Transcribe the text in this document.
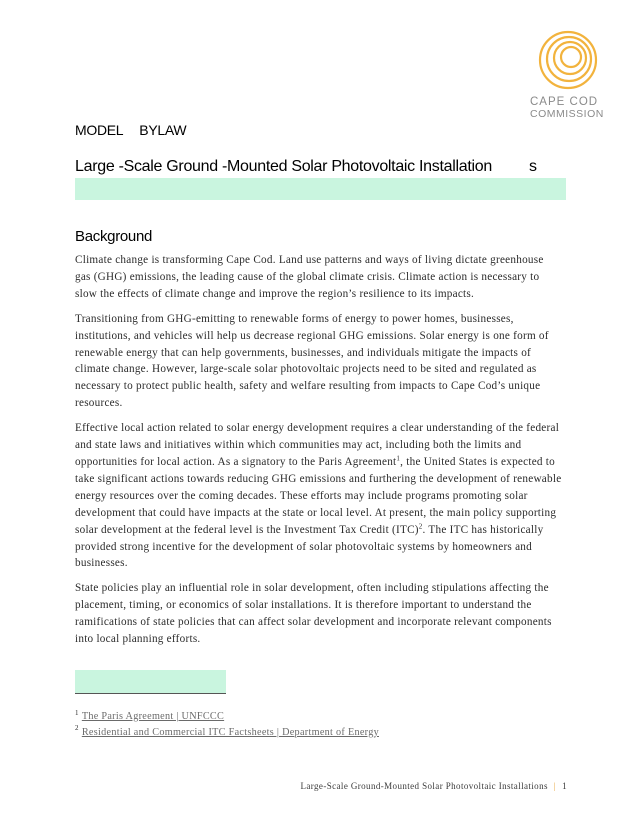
CAPE COD
COMMISSION
MODEL BYLAW
Large -Scale Ground -Mounted Solar Photovoltaic Installation s
Background

Climate change is transforming Cape Cod. Land use patterns and ways of living dictate greenhouse gas (GHG) emissions, the leading cause of the global climate crisis. Climate action is necessary to slow the effects of climate change and improve the region’s resilience to its impacts.

Transitioning from GHG-emitting to renewable forms of energy to power homes, businesses, institutions, and vehicles will help us decrease regional GHG emissions. Solar energy is one form of renewable energy that can help governments, businesses, and individuals mitigate the impacts of climate change. However, large-scale solar photovoltaic projects need to be sited and regulated as necessary to protect public health, safety and welfare resulting from impacts to Cape Cod’s unique resources.

Effective local action related to solar energy development requires a clear understanding of the federal and state laws and initiatives within which communities may act, including both the limits and opportunities for local action. As a signatory to the Paris Agreement$^1$, the United States is expected to take significant actions towards reducing GHG emissions and furthering the development of renewable energy resources over the coming decades. These efforts may include programs promoting solar development that could have impacts at the state or local level. At present, the main policy supporting solar development at the federal level is the Investment Tax Credit (ITC)$^2$. The ITC has historically provided strong incentive for the development of solar photovoltaic systems by homeowners and businesses.

State policies play an influential role in solar development, often including stipulations affecting the placement, timing, or economics of solar installations. It is therefore important to understand the ramifications of state policies that can affect solar development and incorporate relevant components into local planning efforts.

$^1$ The Paris Agreement | UNFCCC
$^2$ Residential and Commercial ITC Factsheets | Department of Energy
Large-Scale Ground-Mounted Solar Photovoltaic Installations | 1
